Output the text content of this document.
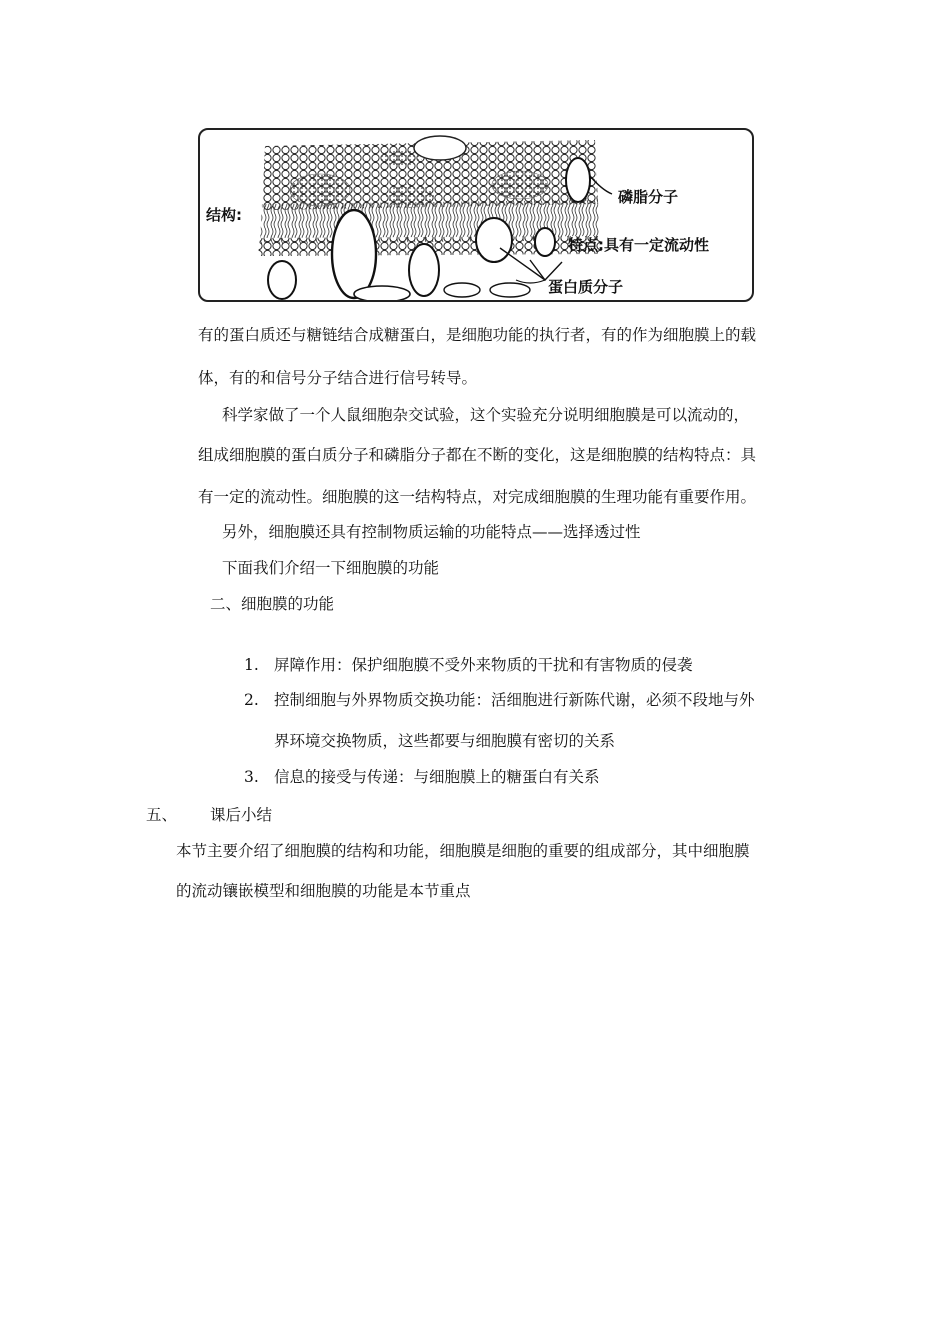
结构:
磷脂分子
特点:具有一定流动性
蛋白质分子
有的蛋白质还与糖链结合成糖蛋白，是细胞功能的执行者，有的作为细胞膜上的载
体，有的和信号分子结合进行信号转导。
科学家做了一个人鼠细胞杂交试验，这个实验充分说明细胞膜是可以流动的，
组成细胞膜的蛋白质分子和磷脂分子都在不断的变化，这是细胞膜的结构特点：具
有一定的流动性。细胞膜的这一结构特点，对完成细胞膜的生理功能有重要作用。
另外，细胞膜还具有控制物质运输的功能特点——选择透过性
下面我们介绍一下细胞膜的功能
二、细胞膜的功能
1. 屏障作用：保护细胞膜不受外来物质的干扰和有害物质的侵袭
2. 控制细胞与外界物质交换功能：活细胞进行新陈代谢，必须不段地与外
界环境交换物质，这些都要与细胞膜有密切的关系
3. 信息的接受与传递：与细胞膜上的糖蛋白有关系
五、 课后小结
本节主要介绍了细胞膜的结构和功能，细胞膜是细胞的重要的组成部分，其中细胞膜
的流动镶嵌模型和细胞膜的功能是本节重点
